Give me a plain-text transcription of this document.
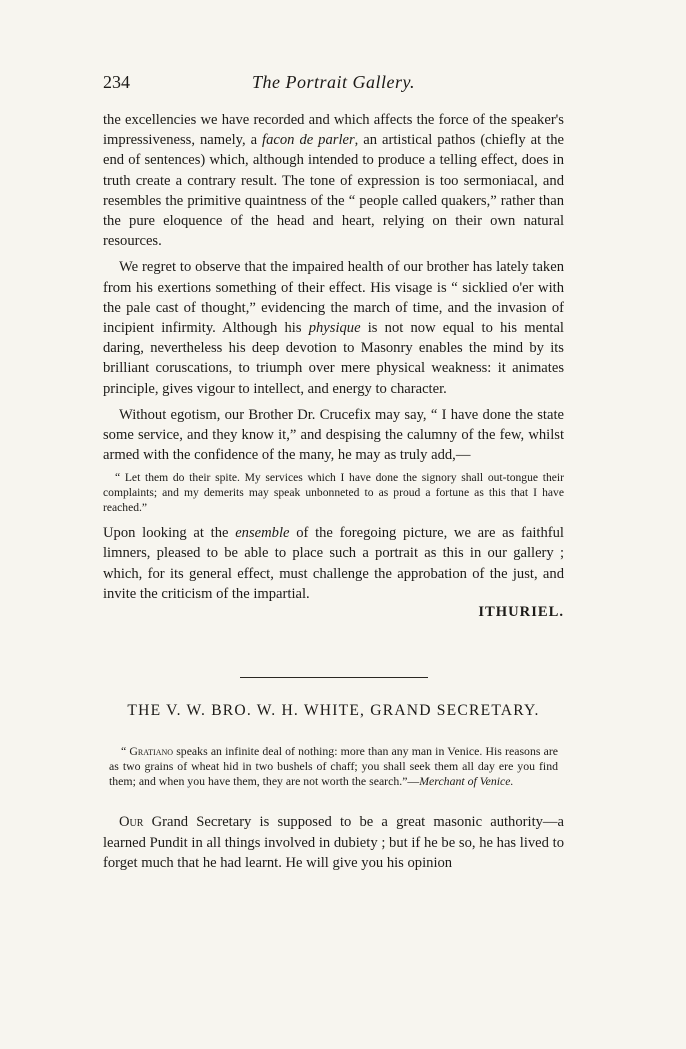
234	The Portrait Gallery.

the excellencies we have recorded and which affects the force of the speaker's impressiveness, namely, a facon de parler, an artistical pathos (chiefly at the end of sentences) which, although intended to produce a telling effect, does in truth create a contrary result. The tone of expression is too sermoniacal, and resembles the primitive quaintness of the “ people called quakers,” rather than the pure eloquence of the head and heart, relying on their own natural resources.

We regret to observe that the impaired health of our brother has lately taken from his exertions something of their effect. His visage is “ sicklied o'er with the pale cast of thought,” evidencing the march of time, and the invasion of incipient infirmity. Although his physique is not now equal to his mental daring, nevertheless his deep devotion to Masonry enables the mind by its brilliant coruscations, to triumph over mere physical weakness: it animates principle, gives vigour to intellect, and energy to character.

Without egotism, our Brother Dr. Crucefix may say, “ I have done the state some service, and they know it,” and despising the calumny of the few, whilst armed with the confidence of the many, he may as truly add,—

“ Let them do their spite. My services which I have done the signory shall out-tongue their complaints; and my demerits may speak unbonneted to as proud a fortune as this that I have reached.”

Upon looking at the ensemble of the foregoing picture, we are as faithful limners, pleased to be able to place such a portrait as this in our gallery ; which, for its general effect, must challenge the approbation of the just, and invite the criticism of the impartial.

ITHURIEL.
THE V. W. BRO. W. H. WHITE, GRAND SECRETARY.

“ Gratiano speaks an infinite deal of nothing: more than any man in Venice. His reasons are as two grains of wheat hid in two bushels of chaff; you shall seek them all day ere you find them; and when you have them, they are not worth the search.”—Merchant of Venice.

Our Grand Secretary is supposed to be a great masonic authority—a learned Pundit in all things involved in dubiety ; but if he be so, he has lived to forget much that he had learnt. He will give you his opinion
